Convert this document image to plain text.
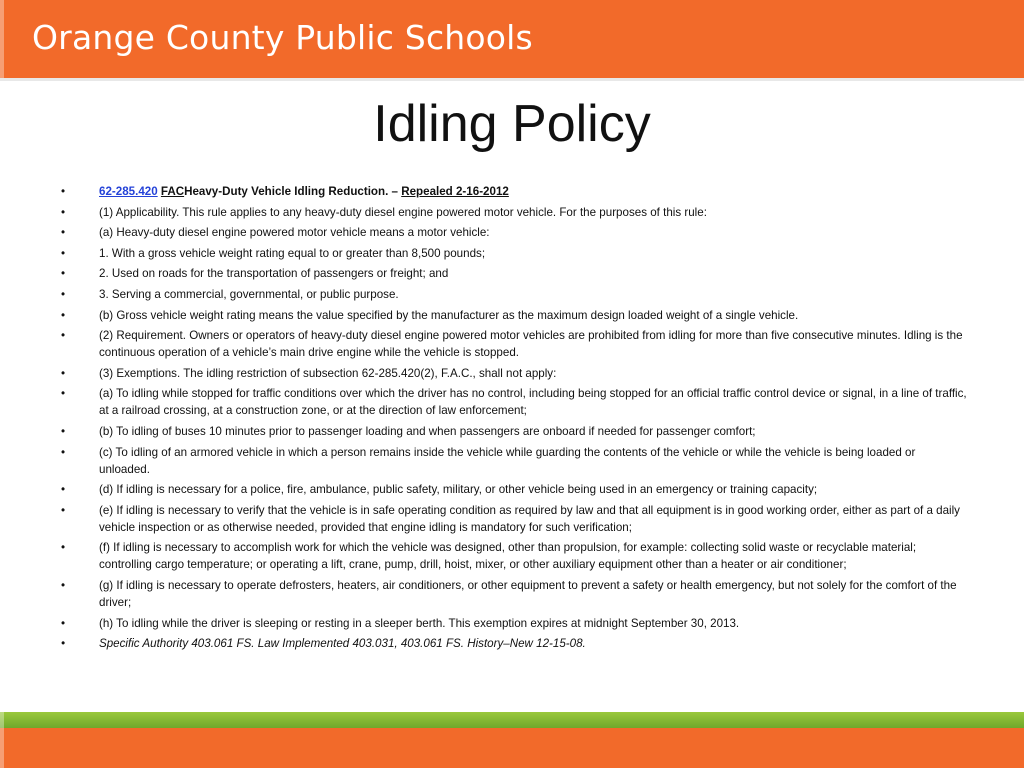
Orange County Public Schools
Idling Policy
• 62-285.420 FACHeavy-Duty Vehicle Idling Reduction. – Repealed 2-16-2012
• (1) Applicability. This rule applies to any heavy-duty diesel engine powered motor vehicle. For the purposes of this rule:
• (a) Heavy-duty diesel engine powered motor vehicle means a motor vehicle:
• 1. With a gross vehicle weight rating equal to or greater than 8,500 pounds;
• 2. Used on roads for the transportation of passengers or freight; and
• 3. Serving a commercial, governmental, or public purpose.
• (b) Gross vehicle weight rating means the value specified by the manufacturer as the maximum design loaded weight of a single vehicle.
• (2) Requirement. Owners or operators of heavy-duty diesel engine powered motor vehicles are prohibited from idling for more than five consecutive minutes. Idling is the continuous operation of a vehicle’s main drive engine while the vehicle is stopped.
• (3) Exemptions. The idling restriction of subsection 62-285.420(2), F.A.C., shall not apply:
• (a) To idling while stopped for traffic conditions over which the driver has no control, including being stopped for an official traffic control device or signal, in a line of traffic, at a railroad crossing, at a construction zone, or at the direction of law enforcement;
• (b) To idling of buses 10 minutes prior to passenger loading and when passengers are onboard if needed for passenger comfort;
• (c) To idling of an armored vehicle in which a person remains inside the vehicle while guarding the contents of the vehicle or while the vehicle is being loaded or unloaded.
• (d) If idling is necessary for a police, fire, ambulance, public safety, military, or other vehicle being used in an emergency or training capacity;
• (e) If idling is necessary to verify that the vehicle is in safe operating condition as required by law and that all equipment is in good working order, either as part of a daily vehicle inspection or as otherwise needed, provided that engine idling is mandatory for such verification;
• (f) If idling is necessary to accomplish work for which the vehicle was designed, other than propulsion, for example: collecting solid waste or recyclable material; controlling cargo temperature; or operating a lift, crane, pump, drill, hoist, mixer, or other auxiliary equipment other than a heater or air conditioner;
• (g) If idling is necessary to operate defrosters, heaters, air conditioners, or other equipment to prevent a safety or health emergency, but not solely for the comfort of the driver;
• (h) To idling while the driver is sleeping or resting in a sleeper berth. This exemption expires at midnight September 30, 2013.
• Specific Authority 403.061 FS. Law Implemented 403.031, 403.061 FS. History–New 12-15-08.
